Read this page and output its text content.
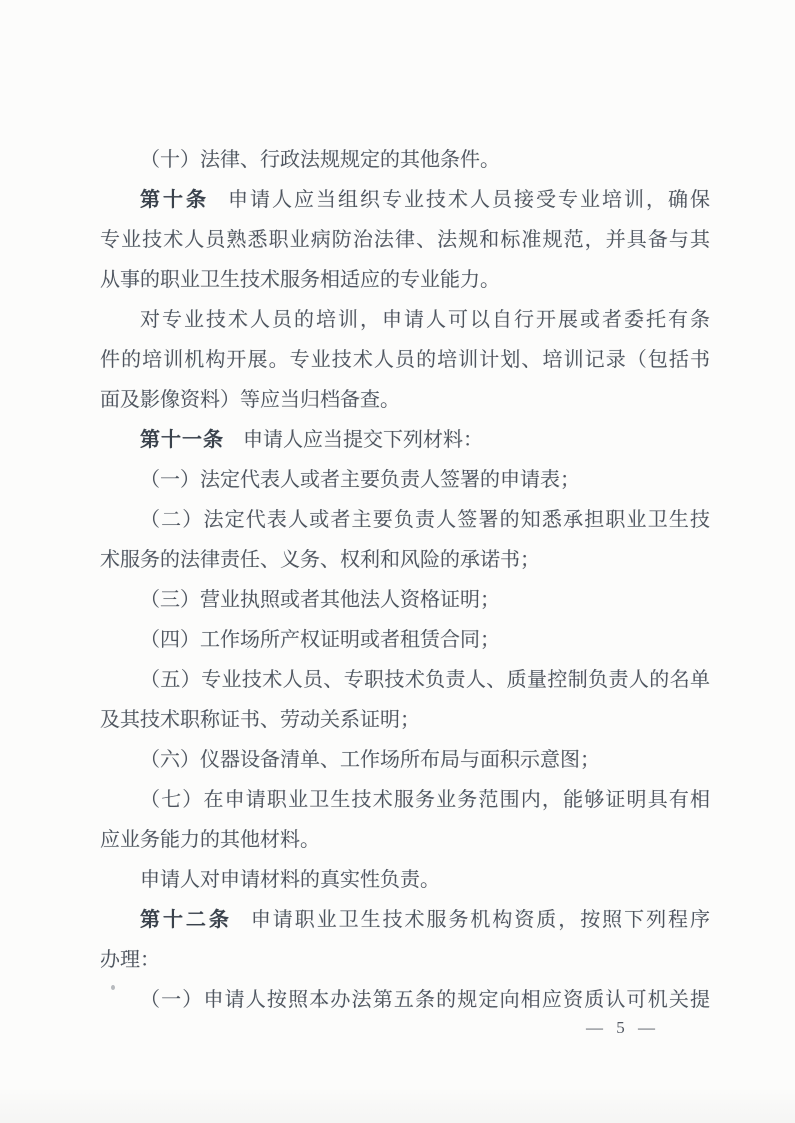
（十）法律、行政法规规定的其他条件。
第十条 申请人应当组织专业技术人员接受专业培训，确保
专业技术人员熟悉职业病防治法律、法规和标准规范，并具备与其
从事的职业卫生技术服务相适应的专业能力。
对专业技术人员的培训，申请人可以自行开展或者委托有条
件的培训机构开展。专业技术人员的培训计划、培训记录（包括书
面及影像资料）等应当归档备查。
第十一条 申请人应当提交下列材料：
（一）法定代表人或者主要负责人签署的申请表；
（二）法定代表人或者主要负责人签署的知悉承担职业卫生技
术服务的法律责任、义务、权利和风险的承诺书；
（三）营业执照或者其他法人资格证明；
（四）工作场所产权证明或者租赁合同；
（五）专业技术人员、专职技术负责人、质量控制负责人的名单
及其技术职称证书、劳动关系证明；
（六）仪器设备清单、工作场所布局与面积示意图；
（七）在申请职业卫生技术服务业务范围内，能够证明具有相
应业务能力的其他材料。
申请人对申请材料的真实性负责。
第十二条 申请职业卫生技术服务机构资质，按照下列程序
办理：
（一）申请人按照本办法第五条的规定向相应资质认可机关提
— 5 —
